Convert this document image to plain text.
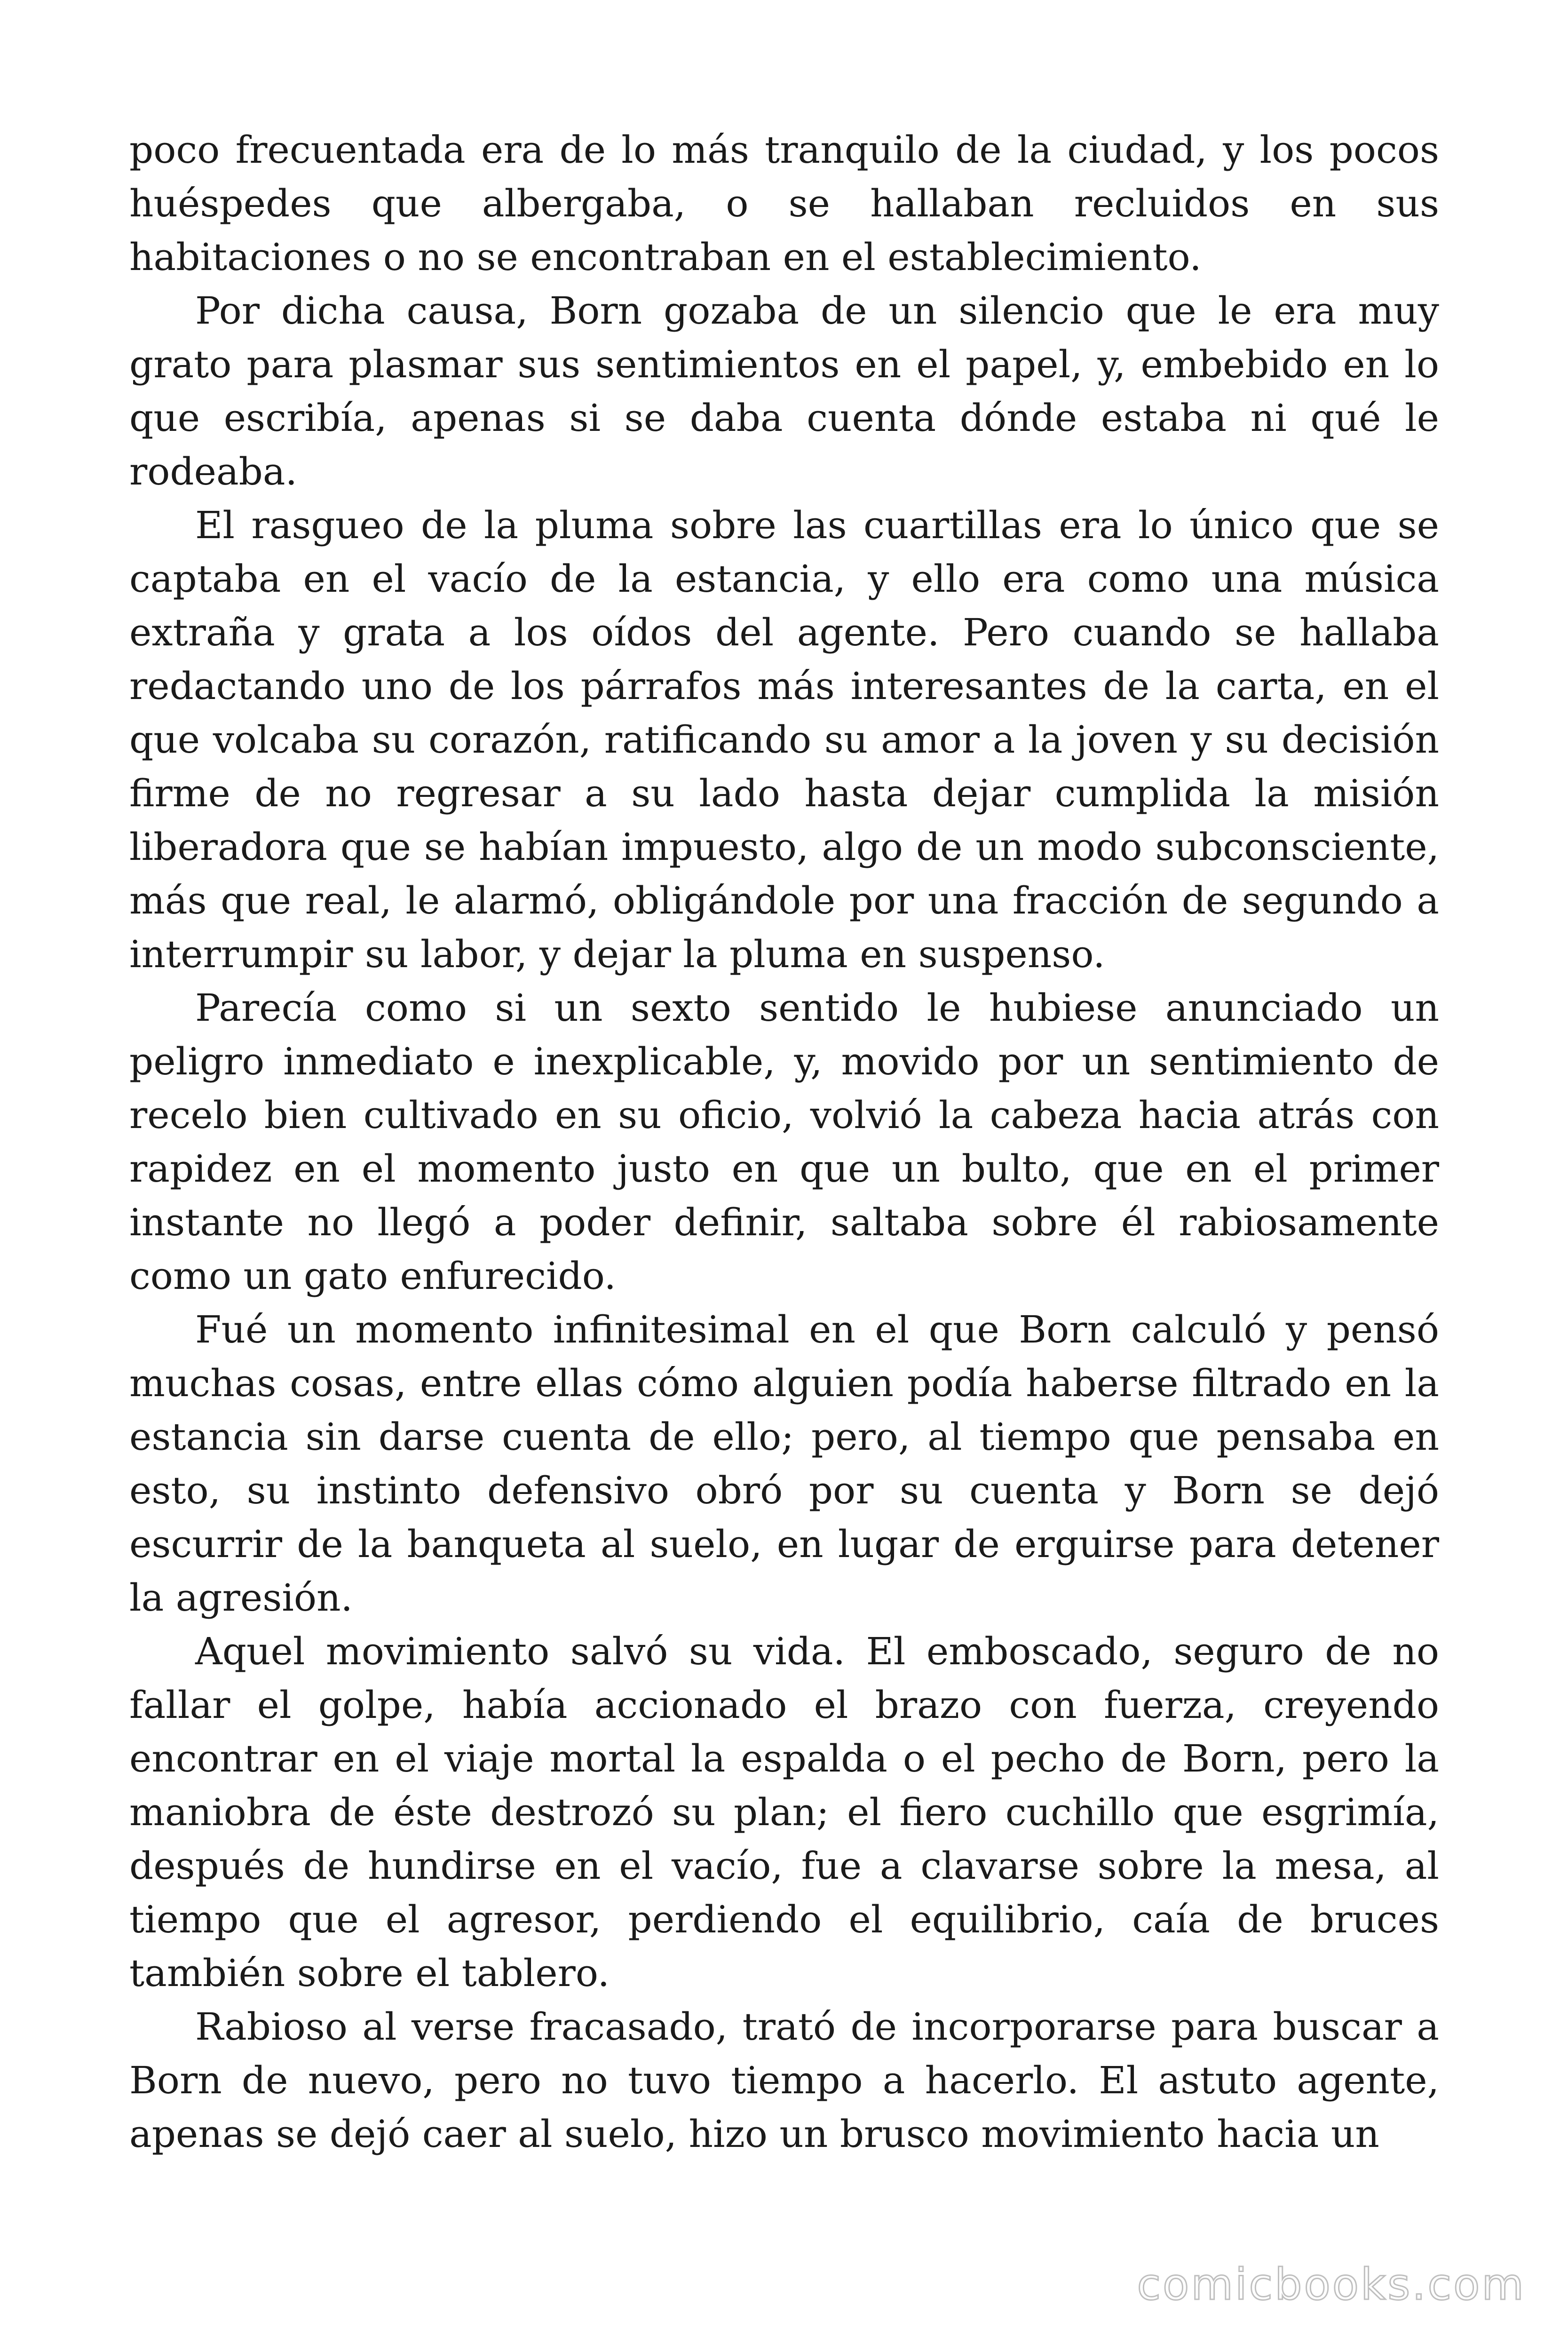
poco frecuentada era de lo más tranquilo de la ciudad, y los pocos huéspedes que albergaba, o se hallaban recluidos en sus habitaciones o no se encontraban en el establecimiento.

Por dicha causa, Born gozaba de un silencio que le era muy grato para plasmar sus sentimientos en el papel, y, embebido en lo que escribía, apenas si se daba cuenta dónde estaba ni qué le rodeaba.

El rasgueo de la pluma sobre las cuartillas era lo único que se captaba en el vacío de la estancia, y ello era como una música extraña y grata a los oídos del agente. Pero cuando se hallaba redactando uno de los párrafos más interesantes de la carta, en el que volcaba su corazón, ratificando su amor a la joven y su decisión firme de no regresar a su lado hasta dejar cumplida la misión liberadora que se habían impuesto, algo de un modo subconsciente, más que real, le alarmó, obligándole por una fracción de segundo a interrumpir su labor, y dejar la pluma en suspenso.

Parecía como si un sexto sentido le hubiese anunciado un peligro inmediato e inexplicable, y, movido por un sentimiento de recelo bien cultivado en su oficio, volvió la cabeza hacia atrás con rapidez en el momento justo en que un bulto, que en el primer instante no llegó a poder definir, saltaba sobre él rabiosamente como un gato enfurecido.

Fué un momento infinitesimal en el que Born calculó y pensó muchas cosas, entre ellas cómo alguien podía haberse filtrado en la estancia sin darse cuenta de ello; pero, al tiempo que pensaba en esto, su instinto defensivo obró por su cuenta y Born se dejó escurrir de la banqueta al suelo, en lugar de erguirse para detener la agresión.

Aquel movimiento salvó su vida. El emboscado, seguro de no fallar el golpe, había accionado el brazo con fuerza, creyendo encontrar en el viaje mortal la espalda o el pecho de Born, pero la maniobra de éste destrozó su plan; el fiero cuchillo que esgrimía, después de hundirse en el vacío, fue a clavarse sobre la mesa, al tiempo que el agresor, perdiendo el equilibrio, caía de bruces también sobre el tablero.

Rabioso al verse fracasado, trató de incorporarse para buscar a Born de nuevo, pero no tuvo tiempo a hacerlo. El astuto agente, apenas se dejó caer al suelo, hizo un brusco movimiento hacia un

comicbooks.com
